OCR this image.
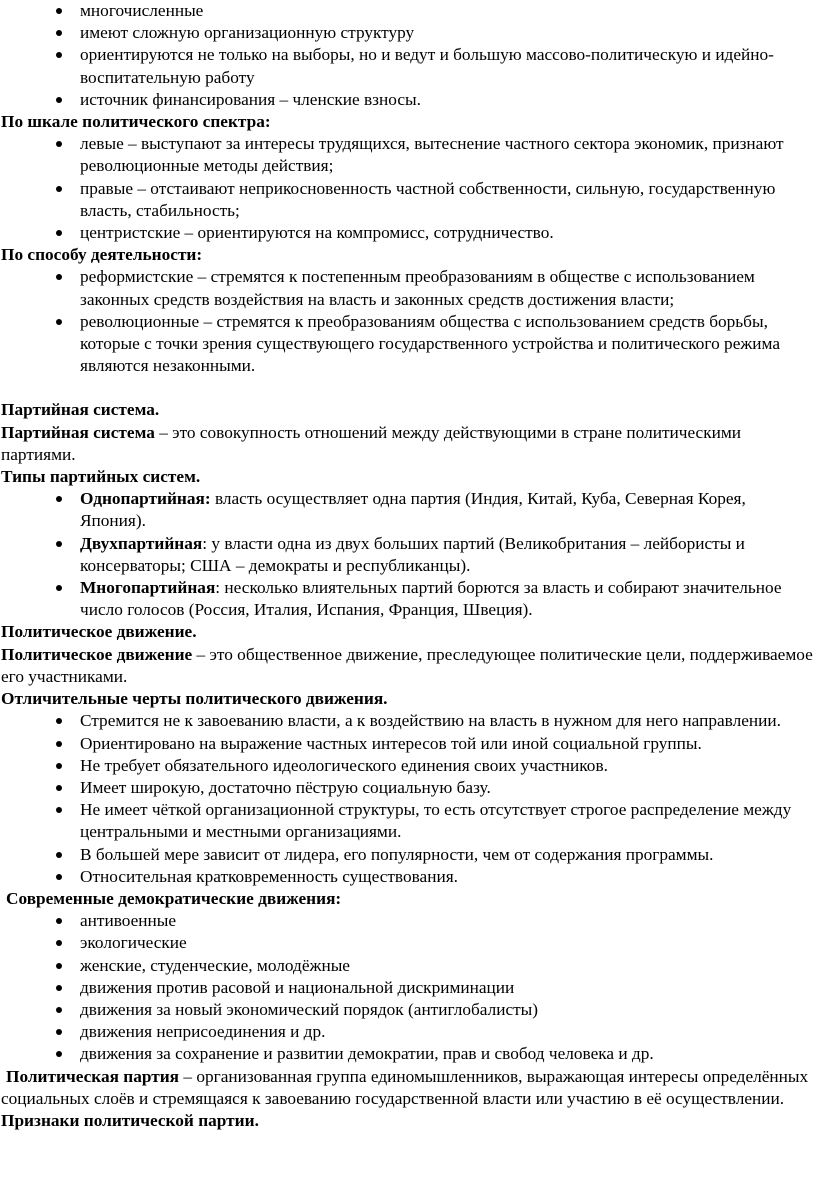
многочисленные
имеют сложную организационную структуру
ориентируются не только на выборы, но и ведут и большую массово-политическую и идейно-воспитательную работу
источник финансирования – членские взносы.

По шкале политического спектра:

левые – выступают за интересы трудящихся, вытеснение частного сектора экономик, признают революционные методы действия;
правые – отстаивают неприкосновенность частной собственности, сильную, государственную власть, стабильность;
центристские – ориентируются на компромисс, сотрудничество.

По способу деятельности:

реформистские – стремятся к постепенным преобразованиям в обществе с использованием законных средств воздействия на власть и законных средств достижения власти;
революционные – стремятся к преобразованиям общества с использованием средств борьбы, которые с точки зрения существующего государственного устройства и политического режима являются незаконными.

Партийная система.

Партийная система – это совокупность отношений между действующими в стране политическими партиями.

Типы партийных систем.

Однопартийная: власть осуществляет одна партия (Индия, Китай, Куба, Северная Корея, Япония).
Двухпартийная: у власти одна из двух больших партий (Великобритания – лейбористы и консерваторы; США – демократы и республиканцы).
Многопартийная: несколько влиятельных партий борются за власть и собирают значительное число голосов (Россия, Италия, Испания, Франция, Швеция).

Политическое движение.

Политическое движение – это общественное движение, преследующее политические цели, поддерживаемое его участниками.

Отличительные черты политического движения.

Стремится не к завоеванию власти, а к воздействию на власть в нужном для него направлении.
Ориентировано на выражение частных интересов той или иной социальной группы.
Не требует обязательного идеологического единения своих участников.
Имеет широкую, достаточно пёструю социальную базу.
Не имеет чёткой организационной структуры, то есть отсутствует строгое распределение между центральными и местными организациями.
В большей мере зависит от лидера, его популярности, чем от содержания программы.
Относительная кратковременность существования.

Современные демократические движения:

антивоенные
экологические
женские, студенческие, молодёжные
движения против расовой и национальной дискриминации
движения за новый экономический порядок (антиглобалисты)
движения неприсоединения и др.
движения за сохранение и развитии демократии, прав и свобод человека и др.

Политическая партия – организованная группа единомышленников, выражающая интересы определённых социальных слоёв и стремящаяся к завоеванию государственной власти или участию в её осуществлении.

Признаки политической партии.
